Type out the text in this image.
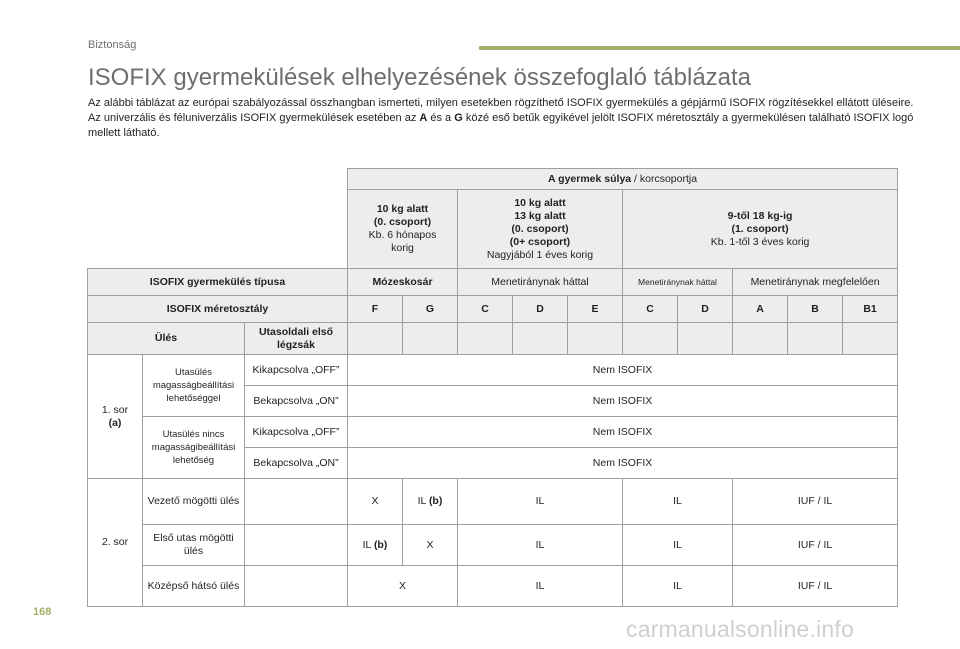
Biztonság
ISOFIX gyermekülések elhelyezésének összefoglaló táblázata

Az alábbi táblázat az európai szabályozással összhangban ismerteti, milyen esetekben rögzíthető ISOFIX gyermekülés a gépjármű ISOFIX rögzítésekkel ellátott üléseire.

Az univerzális és féluniverzális ISOFIX gyermekülések esetében az A és a G közé eső betűk egyikével jelölt ISOFIX méretosztály a gyermekülésen található ISOFIX logó mellett látható.

			A gyermek súlya / korcsoportja									
			10 kg alatt
(0. csoport)
Kb. 6 hónapos
korig		10 kg alatt
13 kg alatt
(0. csoport)
(0+ csoport)
Nagyjából 1 éves korig			9-től 18 kg-ig
(1. csoport)
Kb. 1-től 3 éves korig				
ISOFIX gyermekülés típusa			Mózeskosár		Menetiránynak háttal			Menetiránynak háttal		Menetiránynak megfelelően		
ISOFIX méretosztály			F	G	C	D	E	C	D	A	B	B1
Ülés		Utasoldali első légzsák										
1. sor
(a)	Utasülés magasságbeállítási lehetőséggel	Kikapcsolva „OFF”	Nem ISOFIX									
		Bekapcsolva „ON”	Nem ISOFIX									
	Utasülés nincs magasságibeállítási lehetőség	Kikapcsolva „OFF”	Nem ISOFIX									
		Bekapcsolva „ON”	Nem ISOFIX									
2. sor	Vezető mögötti ülés		X	IL (b)	IL			IL		IUF / IL		
	Első utas mögötti ülés		IL (b)	X	IL			IL		IUF / IL		
	Középső hátsó ülés		X		IL			IL		IUF / IL		
168
carmanualsonline.info
